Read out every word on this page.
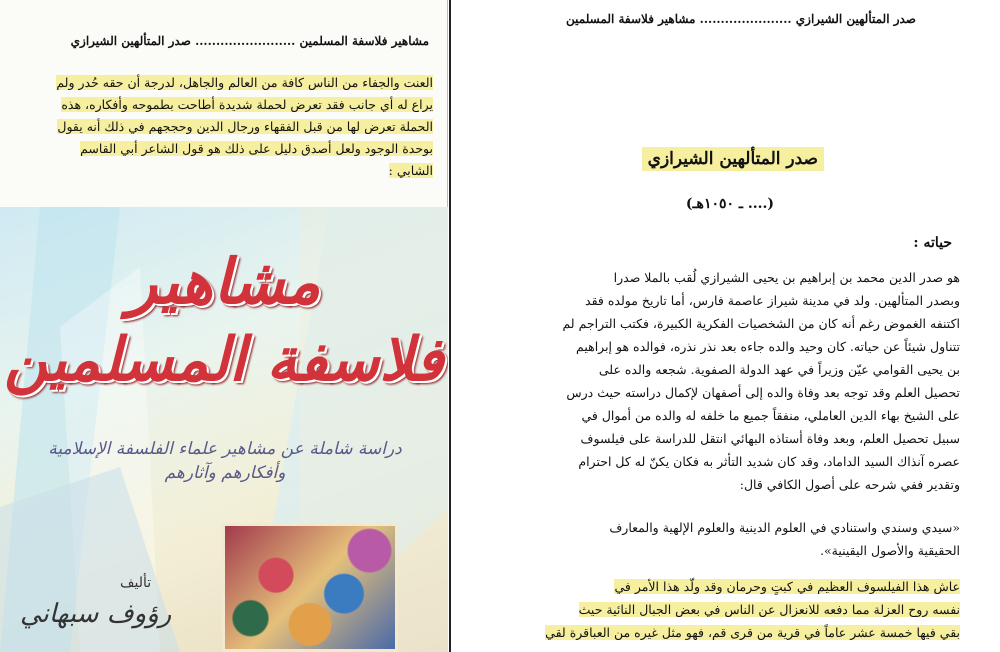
مشاهير فلاسفة المسلمين ........................ صدر المتألهين الشيرازي
العنت والجفاء من الناس كافة من العالم والجاهل، لدرجة أن حقه حُدر ولم
يراع له أي جانب فقد تعرض لحملة شديدة أطاحت بطموحه وأفكاره، هذه
الحملة تعرض لها من قبل الفقهاء ورجال الدين وحججهم في ذلك أنه يقول
بوحدة الوجود ولعل أصدق دليل على ذلك هو قول الشاعر أبي القاسم
الشابي :
مشاهير
فلاسفة المسلمين
دراسة شاملة عن مشاهير علماء الفلسفة الإسلامية
وأفكارهم وآثارهم
تأليف
رؤوف سبهاني
صدر المتألهين الشيرازي ...................... مشاهير فلاسفة المسلمين
صدر المتألهين الشيرازي
(.... ـ ١٠٥٠هـ)
حياته :
هو صدر الدين محمد بن إبراهيم بن يحيى الشيرازي لُقب بالملا صدرا
وبصدر المتألهين. ولد في مدينة شيراز عاصمة فارس، أما تاريخ مولده فقد
اكتنفه الغموض رغم أنه كان من الشخصيات الفكرية الكبيرة، فكتب التراجم لم
تتناول شيئاً عن حياته. كان وحيد والده جاءه بعد نذر نذره، فوالده هو إبراهيم
بن يحيى القوامي عيّن وزيراً في عهد الدولة الصفوية. شجعه والده على
تحصيل العلم وقد توجه بعد وفاة والده إلى أصفهان لإكمال دراسته حيث درس
على الشيخ بهاء الدين العاملي، منفقاً جميع ما خلفه له والده من أموال في
سبيل تحصيل العلم، وبعد وفاة أستاذه البهائي انتقل للدراسة على فيلسوف
عصره آنذاك السيد الداماد، وقد كان شديد التأثر به فكان يكنّ له كل احترام
وتقدير ففي شرحه على أصول الكافي قال:
«سيدي وسندي واستنادي في العلوم الدينية والعلوم الإلهية والمعارف
الحقيقية والأصول اليقينية».
عاش هذا الفيلسوف العظيم في كبتٍ وحرمان وقد ولّد هذا الأمر في
نفسه روح العزلة مما دفعه للانعزال عن الناس في بعض الجبال النائية حيث
بقي فيها خمسة عشر عاماً في قرية من قرى قم، فهو مثل غيره من العباقرة لقي
